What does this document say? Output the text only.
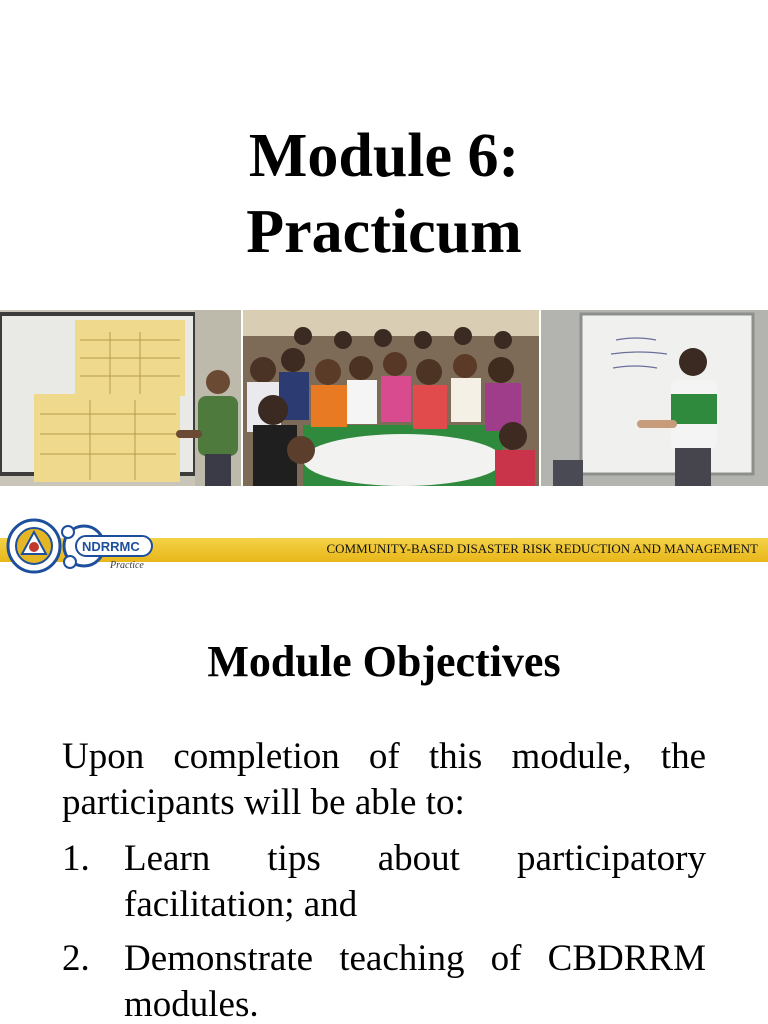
Module 6:
Practicum
NDRRMC
Practice
COMMUNITY-BASED DISASTER RISK REDUCTION AND MANAGEMENT
Module Objectives
Upon completion of this module, the participants will be able to:
1. Learn tips about participatory facilitation; and
2. Demonstrate teaching of CBDRRM modules.
